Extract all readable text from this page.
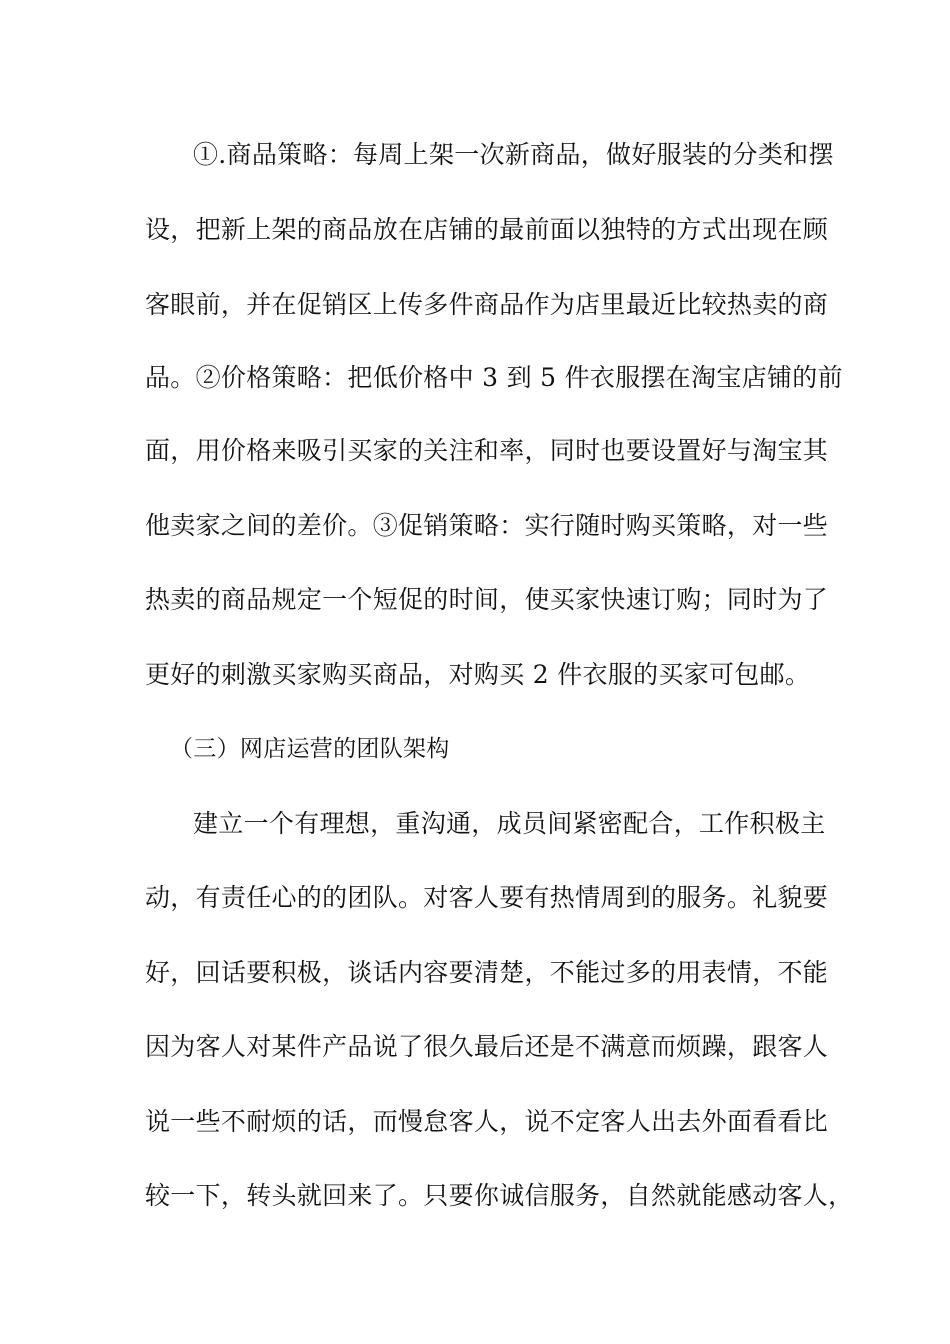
①.商品策略：每周上架一次新商品，做好服装的分类和摆
设，把新上架的商品放在店铺的最前面以独特的方式出现在顾
客眼前，并在促销区上传多件商品作为店里最近比较热卖的商
品。②价格策略：把低价格中 3 到 5 件衣服摆在淘宝店铺的前
面，用价格来吸引买家的关注和率，同时也要设置好与淘宝其
他卖家之间的差价。③促销策略：实行随时购买策略，对一些
热卖的商品规定一个短促的时间，使买家快速订购；同时为了
更好的刺激买家购买商品，对购买 2 件衣服的买家可包邮。
（三）网店运营的团队架构
建立一个有理想，重沟通，成员间紧密配合，工作积极主
动，有责任心的的团队。对客人要有热情周到的服务。礼貌要
好，回话要积极，谈话内容要清楚，不能过多的用表情，不能
因为客人对某件产品说了很久最后还是不满意而烦躁，跟客人
说一些不耐烦的话，而慢怠客人，说不定客人出去外面看看比
较一下，转头就回来了。只要你诚信服务，自然就能感动客人，
